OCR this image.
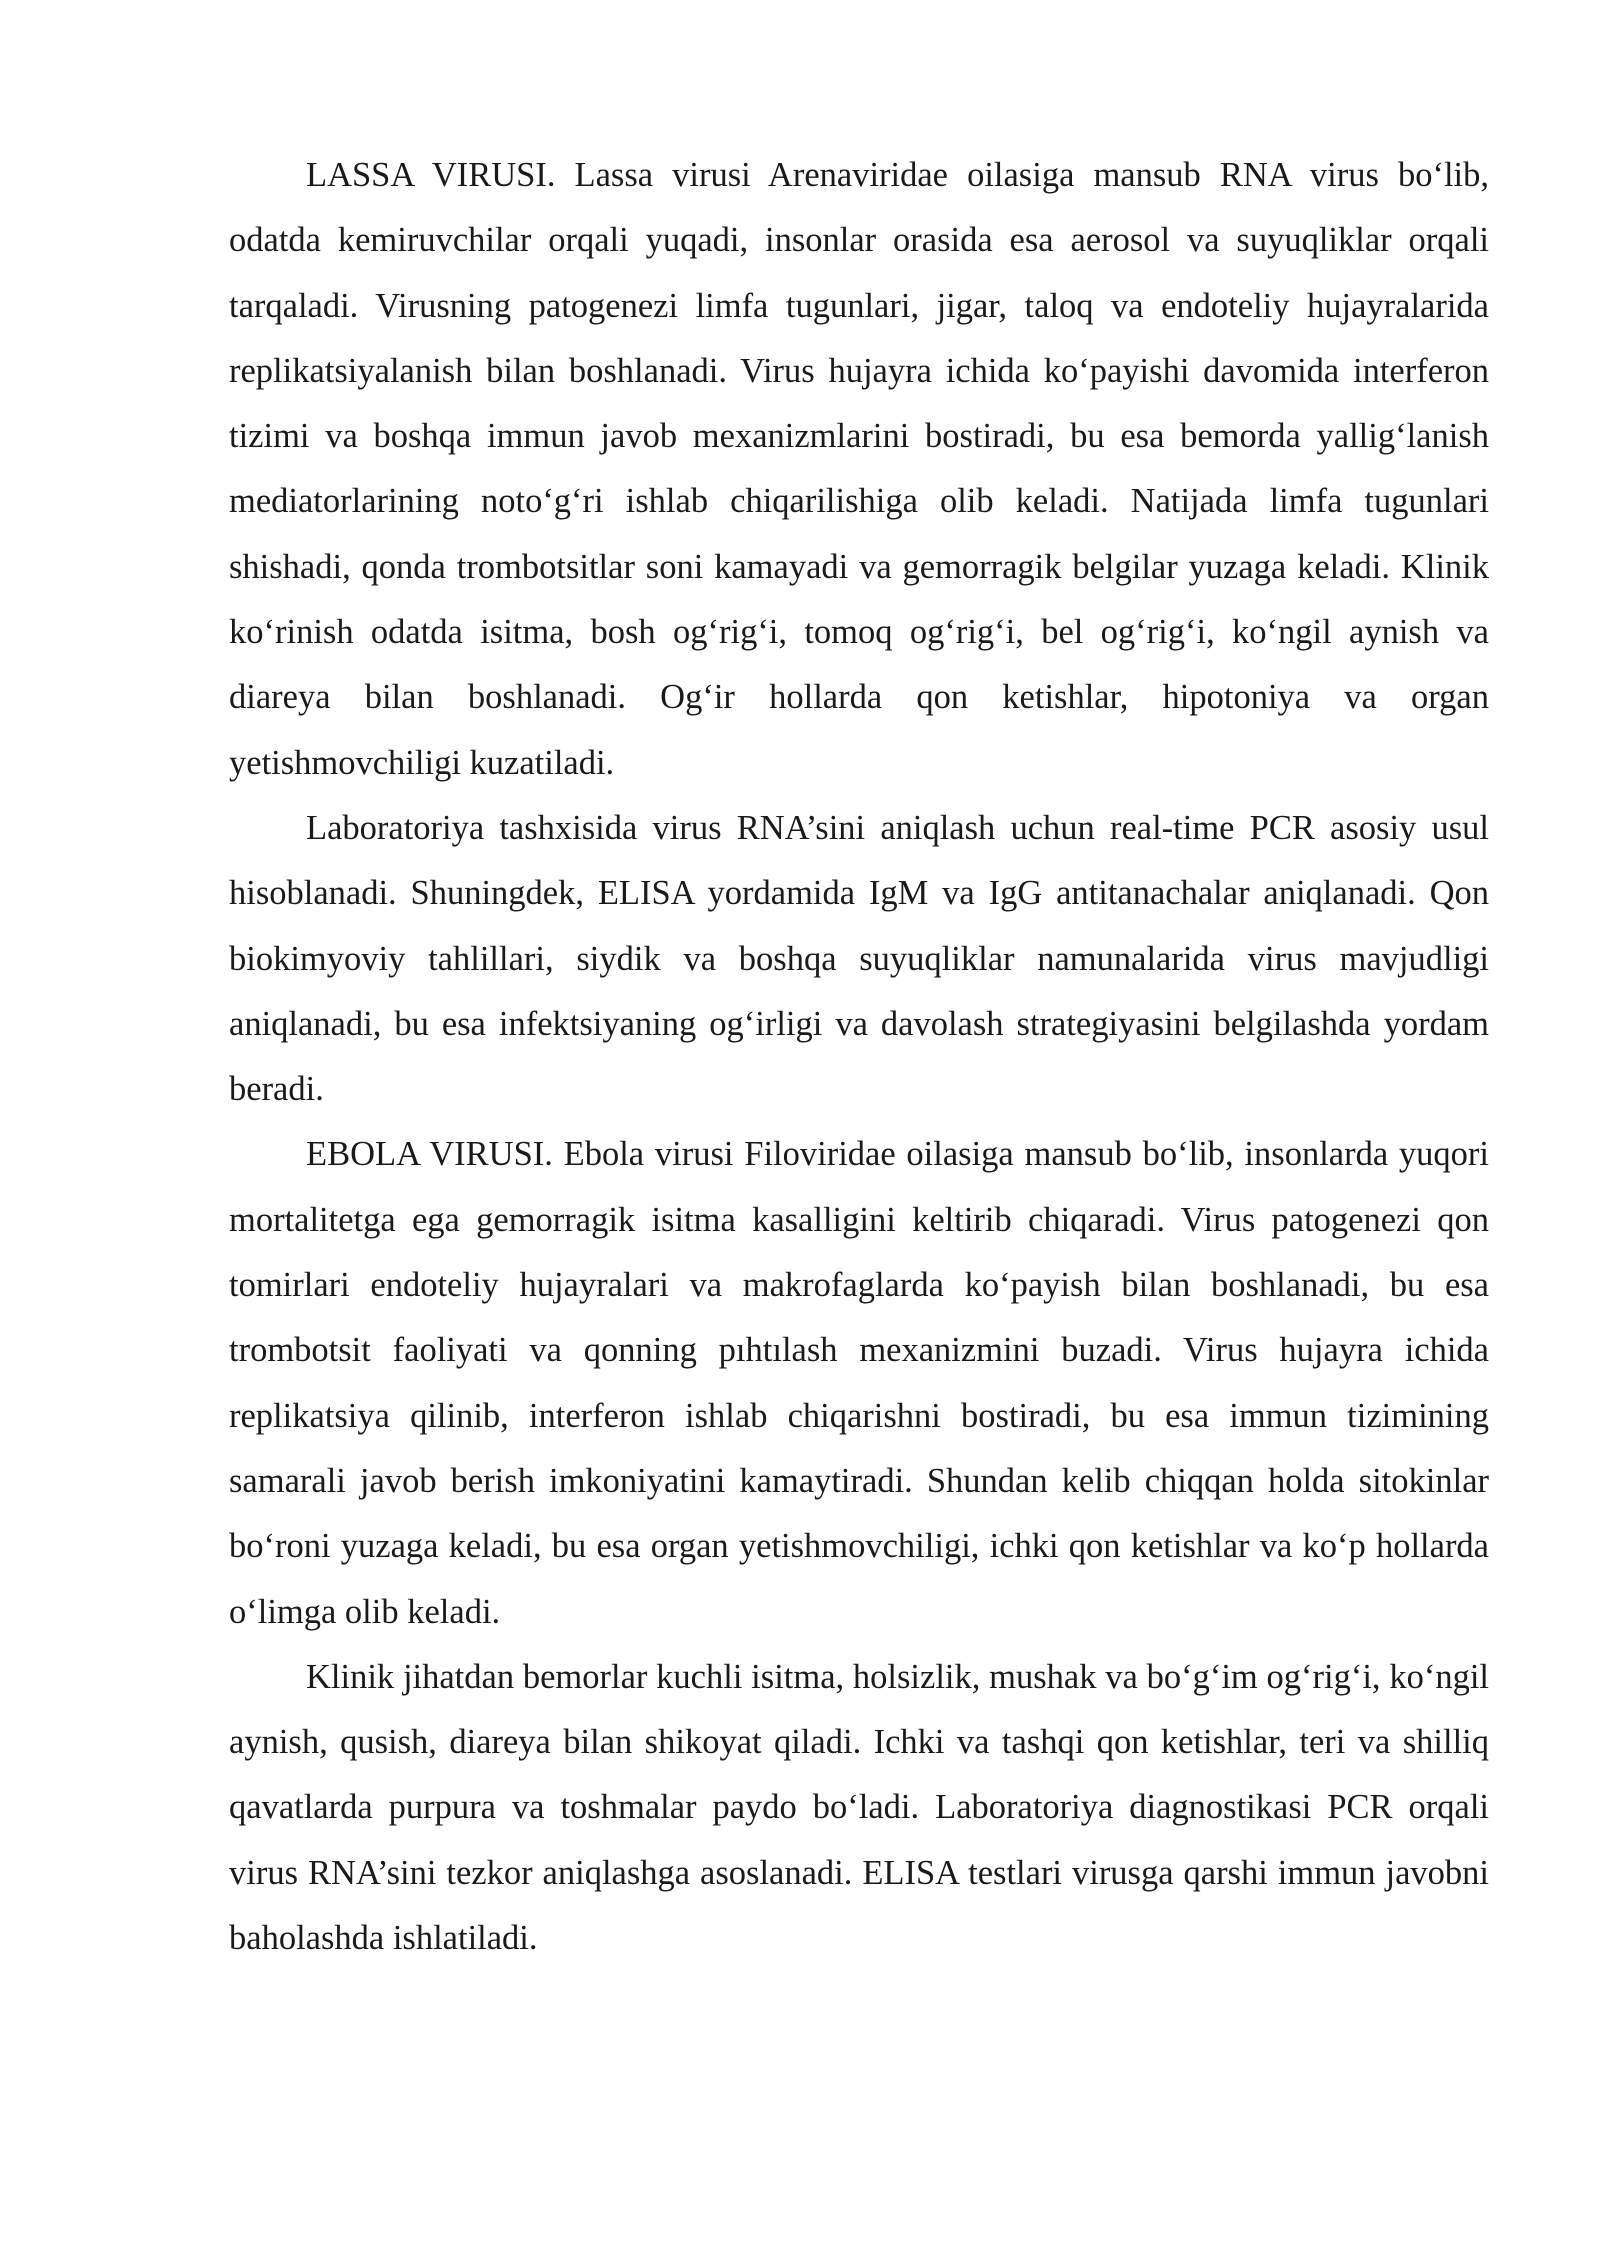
LASSA VIRUSI. Lassa virusi Arenaviridae oilasiga mansub RNA virus bo‘lib, odatda kemiruvchilar orqali yuqadi, insonlar orasida esa aerosol va suyuqliklar orqali tarqaladi. Virusning patogenezi limfa tugunlari, jigar, taloq va endoteliy hujayralarida replikatsiyalanish bilan boshlanadi. Virus hujayra ichida ko‘payishi davomida interferon tizimi va boshqa immun javob mexanizmlarini bostiradi, bu esa bemorda yallig‘lanish mediatorlarining noto‘g‘ri ishlab chiqarilishiga olib keladi. Natijada limfa tugunlari shishadi, qonda trombotsitlar soni kamayadi va gemorragik belgilar yuzaga keladi. Klinik ko‘rinish odatda isitma, bosh og‘rig‘i, tomoq og‘rig‘i, bel og‘rig‘i, ko‘ngil aynish va diareya bilan boshlanadi. Og‘ir hollarda qon ketishlar, hipotoniya va organ yetishmovchiligi kuzatiladi.

Laboratoriya tashxisida virus RNA’sini aniqlash uchun real-time PCR asosiy usul hisoblanadi. Shuningdek, ELISA yordamida IgM va IgG antitanachalar aniqlanadi. Qon biokimyoviy tahlillari, siydik va boshqa suyuqliklar namunalarida virus mavjudligi aniqlanadi, bu esa infektsiyaning og‘irligi va davolash strategiyasini belgilashda yordam beradi.

EBOLA VIRUSI. Ebola virusi Filoviridae oilasiga mansub bo‘lib, insonlarda yuqori mortalitetga ega gemorragik isitma kasalligini keltirib chiqaradi. Virus patogenezi qon tomirlari endoteliy hujayralari va makrofaglarda ko‘payish bilan boshlanadi, bu esa trombotsit faoliyati va qonning pıhtılash mexanizmini buzadi. Virus hujayra ichida replikatsiya qilinib, interferon ishlab chiqarishni bostiradi, bu esa immun tizimining samarali javob berish imkoniyatini kamaytiradi. Shundan kelib chiqqan holda sitokinlar bo‘roni yuzaga keladi, bu esa organ yetishmovchiligi, ichki qon ketishlar va ko‘p hollarda o‘limga olib keladi.

Klinik jihatdan bemorlar kuchli isitma, holsizlik, mushak va bo‘g‘im og‘rig‘i, ko‘ngil aynish, qusish, diareya bilan shikoyat qiladi. Ichki va tashqi qon ketishlar, teri va shilliq qavatlarda purpura va toshmalar paydo bo‘ladi. Laboratoriya diagnostikasi PCR orqali virus RNA’sini tezkor aniqlashga asoslanadi. ELISA testlari virusga qarshi immun javobni baholashda ishlatiladi.
